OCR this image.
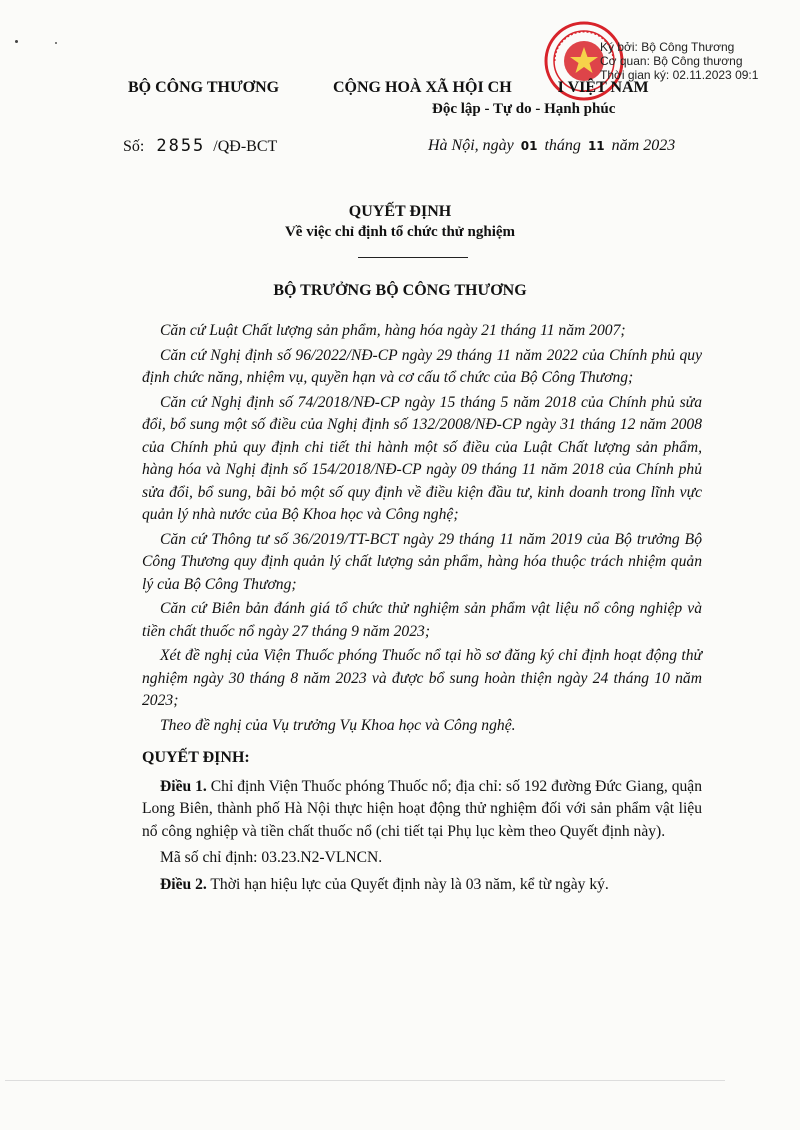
Ký bởi: Bộ Công Thương
Cơ quan: Bộ Công thương
Thời gian ký: 02.11.2023 09:1
BỘ CÔNG THƯƠNG	CỘNG HOÀ XÃ HỘI CH	I VIỆT NAM
Độc lập - Tự do - Hạnh phúc
Số: 2855 /QĐ-BCT	Hà Nội, ngày 01 tháng 11 năm 2023
QUYẾT ĐỊNH
Về việc chỉ định tổ chức thử nghiệm
BỘ TRƯỞNG BỘ CÔNG THƯƠNG

Căn cứ Luật Chất lượng sản phẩm, hàng hóa ngày 21 tháng 11 năm 2007;

Căn cứ Nghị định số 96/2022/NĐ-CP ngày 29 tháng 11 năm 2022 của Chính phủ quy định chức năng, nhiệm vụ, quyền hạn và cơ cấu tổ chức của Bộ Công Thương;

Căn cứ Nghị định số 74/2018/NĐ-CP ngày 15 tháng 5 năm 2018 của Chính phủ sửa đổi, bổ sung một số điều của Nghị định số 132/2008/NĐ-CP ngày 31 tháng 12 năm 2008 của Chính phủ quy định chi tiết thi hành một số điều của Luật Chất lượng sản phẩm, hàng hóa và Nghị định số 154/2018/NĐ-CP ngày 09 tháng 11 năm 2018 của Chính phủ sửa đổi, bổ sung, bãi bỏ một số quy định về điều kiện đầu tư, kinh doanh trong lĩnh vực quản lý nhà nước của Bộ Khoa học và Công nghệ;

Căn cứ Thông tư số 36/2019/TT-BCT ngày 29 tháng 11 năm 2019 của Bộ trưởng Bộ Công Thương quy định quản lý chất lượng sản phẩm, hàng hóa thuộc trách nhiệm quản lý của Bộ Công Thương;

Căn cứ Biên bản đánh giá tổ chức thử nghiệm sản phẩm vật liệu nổ công nghiệp và tiền chất thuốc nổ ngày 27 tháng 9 năm 2023;

Xét đề nghị của Viện Thuốc phóng Thuốc nổ tại hồ sơ đăng ký chỉ định hoạt động thử nghiệm ngày 30 tháng 8 năm 2023 và được bổ sung hoàn thiện ngày 24 tháng 10 năm 2023;

Theo đề nghị của Vụ trưởng Vụ Khoa học và Công nghệ.

QUYẾT ĐỊNH:

Điều 1. Chỉ định Viện Thuốc phóng Thuốc nổ; địa chỉ: số 192 đường Đức Giang, quận Long Biên, thành phố Hà Nội thực hiện hoạt động thử nghiệm đối với sản phẩm vật liệu nổ công nghiệp và tiền chất thuốc nổ (chi tiết tại Phụ lục kèm theo Quyết định này).

Mã số chỉ định: 03.23.N2-VLNCN.

Điều 2. Thời hạn hiệu lực của Quyết định này là 03 năm, kể từ ngày ký.
